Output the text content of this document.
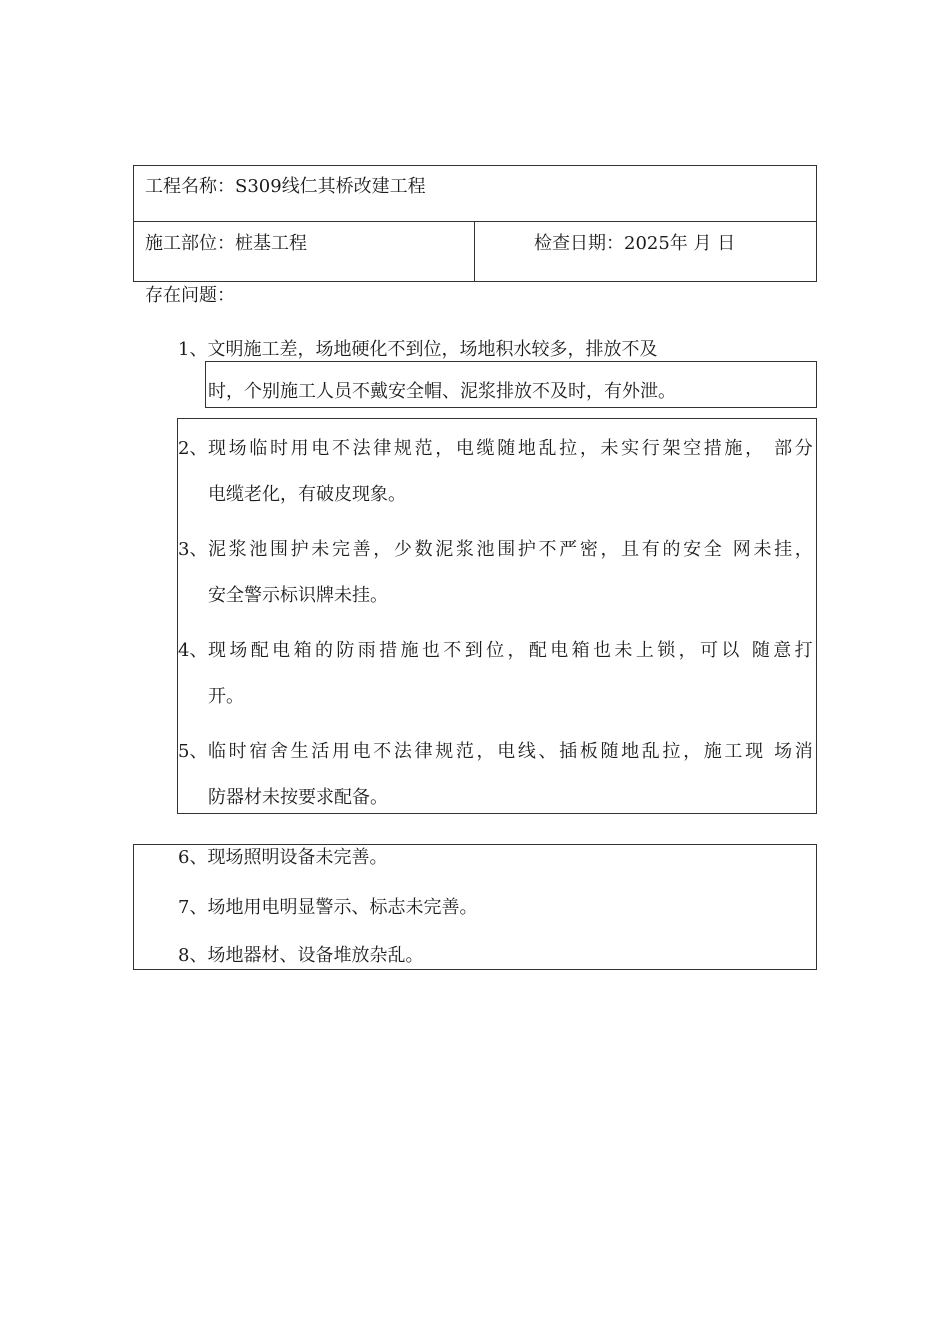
工程名称：S309线仁其桥改建工程
施工部位：桩基工程	检查日期：2025年 月 日
存在问题：
1、文明施工差，场地硬化不到位，场地积水较多，排放不及
时，个别施工人员不戴安全帽、泥浆排放不及时，有外泄。
2、 现 场 临 时 用 电 不 法 律 规 范 ， 电 缆 随 地 乱 拉 ， 未 实 行 架 空 措 施 ，
部 分
电缆老化，有破皮现象。
3、 泥 浆 池 围 护 未 完 善 ， 少 数 泥 浆 池 围 护 不 严 密 ， 且 有 的 安 全
网 未 挂 ，
安全警示标识牌未挂。
4、 现 场 配 电 箱 的 防 雨 措 施 也 不 到 位 ， 配 电 箱 也 未 上 锁 ， 可 以
随 意 打
开。
5、 临 时 宿 舍 生 活 用 电 不 法 律 规 范 ， 电 线 、 插 板 随 地 乱 拉 ， 施 工 现
场 消
防器材未按要求配备。
6、现场照明设备未完善。
7、场地用电明显警示、标志未完善。
8、场地器材、设备堆放杂乱。
